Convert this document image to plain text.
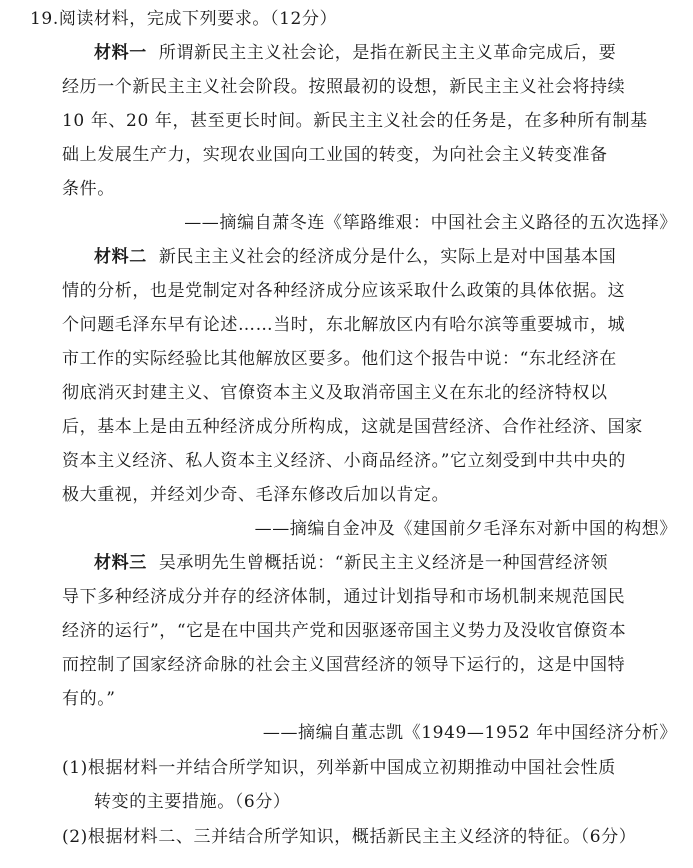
19.阅读材料，完成下列要求。（12分）
材料一 所谓新民主主义社会论，是指在新民主主义革命完成后，要
经历一个新民主主义社会阶段。按照最初的设想，新民主主义社会将持续
10 年、20 年，甚至更长时间。新民主主义社会的任务是，在多种所有制基
础上发展生产力，实现农业国向工业国的转变，为向社会主义转变准备
条件。
——摘编自萧冬连《筚路维艰：中国社会主义路径的五次选择》
材料二 新民主主义社会的经济成分是什么，实际上是对中国基本国
情的分析，也是党制定对各种经济成分应该采取什么政策的具体依据。这
个问题毛泽东早有论述……当时，东北解放区内有哈尔滨等重要城市，城
市工作的实际经验比其他解放区要多。他们这个报告中说：“东北经济在
彻底消灭封建主义、官僚资本主义及取消帝国主义在东北的经济特权以
后，基本上是由五种经济成分所构成，这就是国营经济、合作社经济、国家
资本主义经济、私人资本主义经济、小商品经济。”它立刻受到中共中央的
极大重视，并经刘少奇、毛泽东修改后加以肯定。
——摘编自金冲及《建国前夕毛泽东对新中国的构想》
材料三 吴承明先生曾概括说：“新民主主义经济是一种国营经济领
导下多种经济成分并存的经济体制，通过计划指导和市场机制来规范国民
经济的运行”，“它是在中国共产党和因驱逐帝国主义势力及没收官僚资本
而控制了国家经济命脉的社会主义国营经济的领导下运行的，这是中国特
有的。”
——摘编自董志凯《1949—1952 年中国经济分析》
(1)根据材料一并结合所学知识，列举新中国成立初期推动中国社会性质
转变的主要措施。（6分）
(2)根据材料二、三并结合所学知识，概括新民主主义经济的特征。（6分）
